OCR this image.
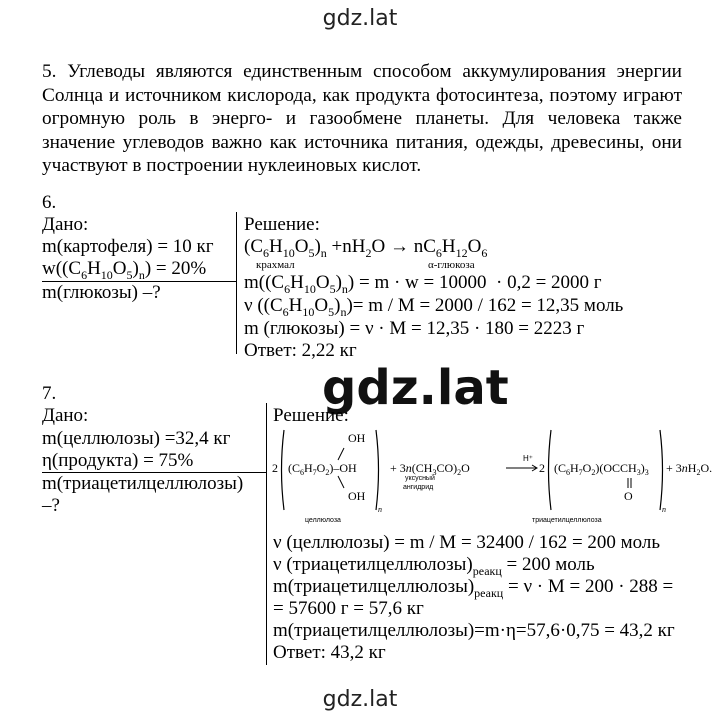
gdz.lat

5. Углеводы являются единственным способом аккумулирования энергии Солнца и источником кислорода, как продукта фотосинтеза, поэтому играют огромную роль в энерго- и газообмене планеты. Для человека также значение углеводов важно как источника питания, одежды, древесины, они участвуют в построении нуклеиновых кислот.

6.
Дано:
m(картофеля) = 10 кг
$w((C_6H_{10}O_5)_n) = 20\%$
m(глюкозы) –?
Решение:
$(C_6H_{10}O_5)_n +nH_2O \to nC_6H_{12}O_6$
крахмал	α-глюкоза
$m((C_6H_{10}O_5)_n) = m \cdot w = 10000 \cdot 0,2 = 2000$ г
ν $((C_6H_{10}O_5)_n)= m / M = 2000 / 162 = 12,35$ моль
m (глюкозы) = ν · M = 12,35 · 180 = 2223 г
Ответ: 2,22 кг
gdz.lat
7.
Дано:
m(целлюлозы) =32,4 кг
η(продукта) = 75%
m(триацетилцеллюлозы)
–?
Решение:
2 $(C_6H_7O_2)-OH$
OH
OH
n
+ $3n(CH_3CO)_2O$	2 $(C_6H_7O_2)(OCCH_3)_3$
O
n
+ $3nH_2O$.
H⁺
уксусный
ангидрид
целлюлоза	триацетилцеллюлоза
ν (целлюлозы) = m / M = 32400 / 162 = 200 моль
ν $(триацетилцеллюлозы)_{реакц} = 200$ моль
$m(триацетилцеллюлозы)_{реакц} = \nu \cdot M = 200 \cdot 288$ =
= 57600 г = 57,6 кг
m(триацетилцеллюлозы)=m·η=57,6·0,75 = 43,2 кг
Ответ: 43,2 кг
gdz.lat
